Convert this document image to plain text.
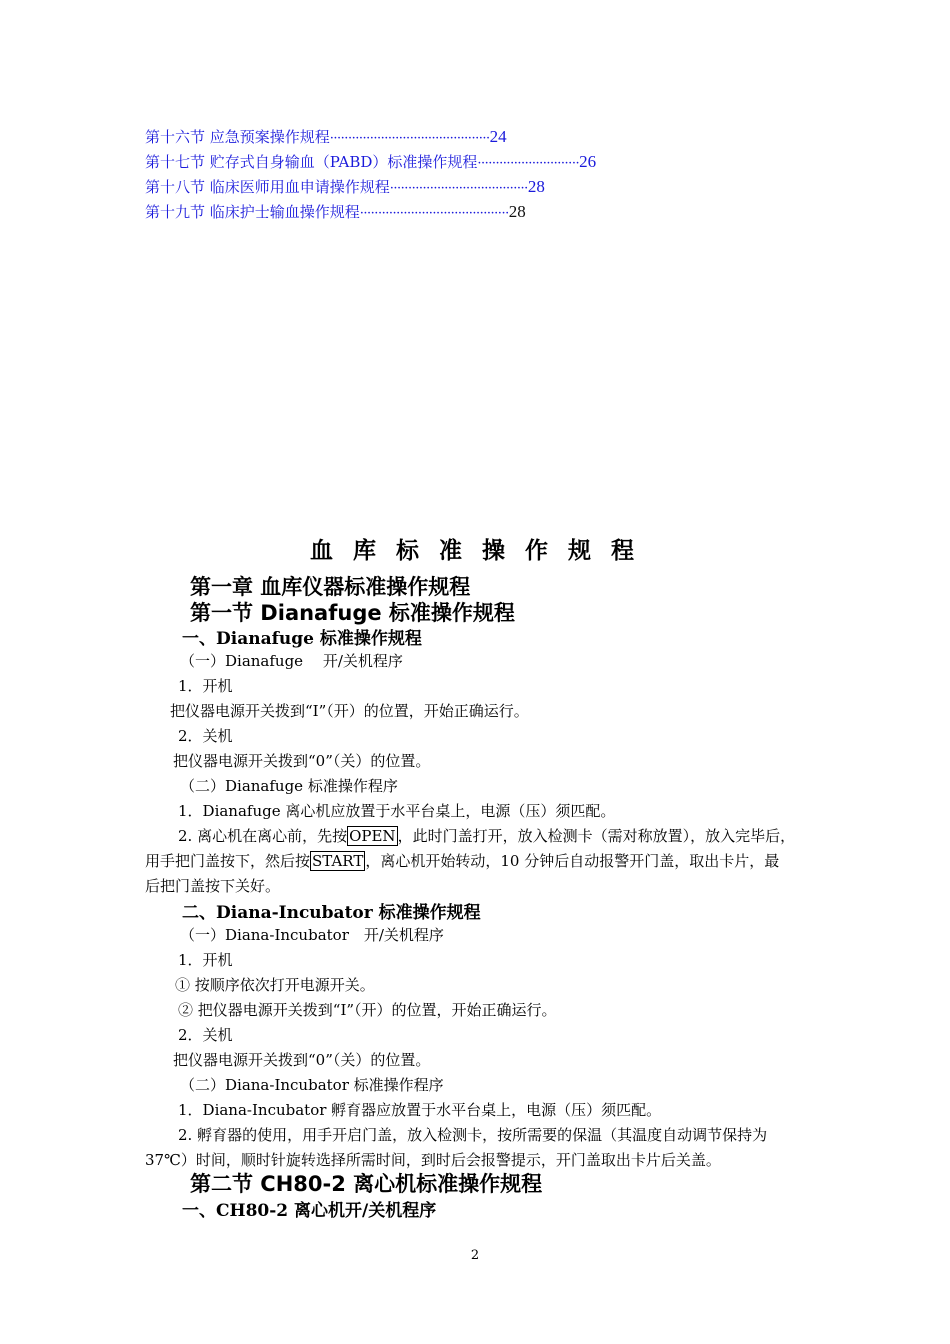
第十六节 应急预案操作规程············································24
第十七节 贮存式自身输血（PABD）标准操作规程····························26
第十八节 临床医师用血申请操作规程······································28
第十九节 临床护士输血操作规程·········································28
血 库 标 准 操 作 规 程
第一章 血库仪器标准操作规程
第一节 Dianafuge 标准操作规程
一、Dianafuge 标准操作规程
（一）Dianafuge　 开/关机程序
1．开机
把仪器电源开关拨到“Ⅰ”（开）的位置，开始正确运行。
2．关机
把仪器电源开关拨到“0”（关）的位置。
（二）Dianafuge 标准操作程序
1．Dianafuge 离心机应放置于水平台桌上，电源（压）须匹配。
2. 离心机在离心前，先按 OPEN ，此时门盖打开，放入检测卡（需对称放置），放入完毕后，
用手把门盖按下，然后按 START ，离心机开始转动，10 分钟后自动报警开门盖，取出卡片，最
后把门盖按下关好。
二、Diana-Incubator 标准操作规程
（一）Diana-Incubator　开/关机程序
1．开机
① 按顺序依次打开电源开关。
② 把仪器电源开关拨到“Ⅰ”（开）的位置，开始正确运行。
2．关机
把仪器电源开关拨到“0”（关）的位置。
（二）Diana-Incubator 标准操作程序
1．Diana-Incubator 孵育器应放置于水平台桌上，电源（压）须匹配。
2. 孵育器的使用，用手开启门盖，放入检测卡，按所需要的保温（其温度自动调节保持为
37℃）时间，顺时针旋转选择所需时间，到时后会报警提示，开门盖取出卡片后关盖。
第二节 CH80-2 离心机标准操作规程
一、CH80-2 离心机开/关机程序
2
